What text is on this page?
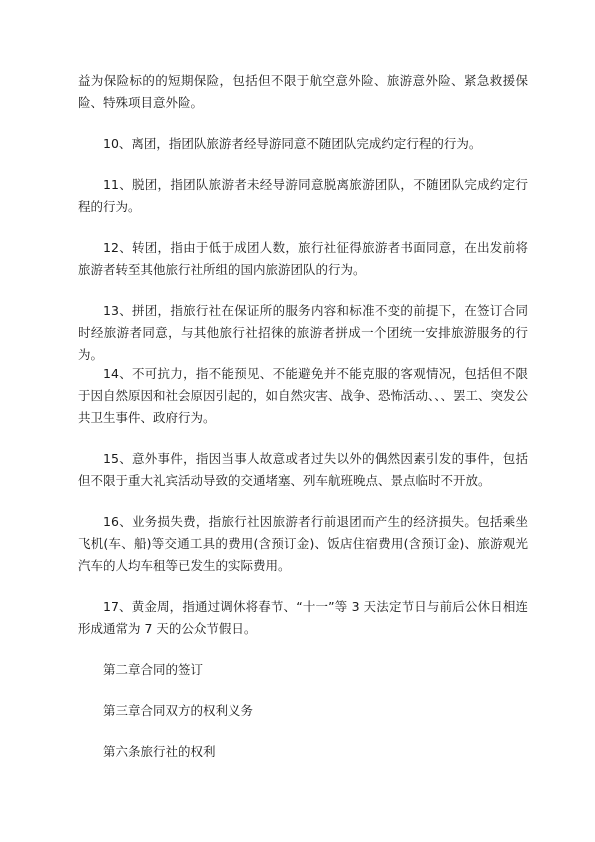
益为保险标的的短期保险，包括但不限于航空意外险、旅游意外险、紧急救援保险、特殊项目意外险。

10、离团，指团队旅游者经导游同意不随团队完成约定行程的行为。

11、脱团，指团队旅游者未经导游同意脱离旅游团队，不随团队完成约定行程的行为。

12、转团，指由于低于成团人数，旅行社征得旅游者书面同意，在出发前将旅游者转至其他旅行社所组的国内旅游团队的行为。

13、拼团，指旅行社在保证所的服务内容和标准不变的前提下，在签订合同时经旅游者同意，与其他旅行社招徕的旅游者拼成一个团统一安排旅游服务的行为。

14、不可抗力，指不能预见、不能避免并不能克服的客观情况，包括但不限于因自然原因和社会原因引起的，如自然灾害、战争、恐怖活动、、、罢工、突发公共卫生事件、政府行为。

15、意外事件，指因当事人故意或者过失以外的偶然因素引发的事件，包括但不限于重大礼宾活动导致的交通堵塞、列车航班晚点、景点临时不开放。

16、业务损失费，指旅行社因旅游者行前退团而产生的经济损失。包括乘坐飞机(车、船)等交通工具的费用(含预订金)、饭店住宿费用(含预订金)、旅游观光汽车的人均车租等已发生的实际费用。

17、黄金周，指通过调休将春节、“十一”等 3 天法定节日与前后公休日相连形成通常为 7 天的公众节假日。

第二章合同的签订

第三章合同双方的权利义务

第六条旅行社的权利
